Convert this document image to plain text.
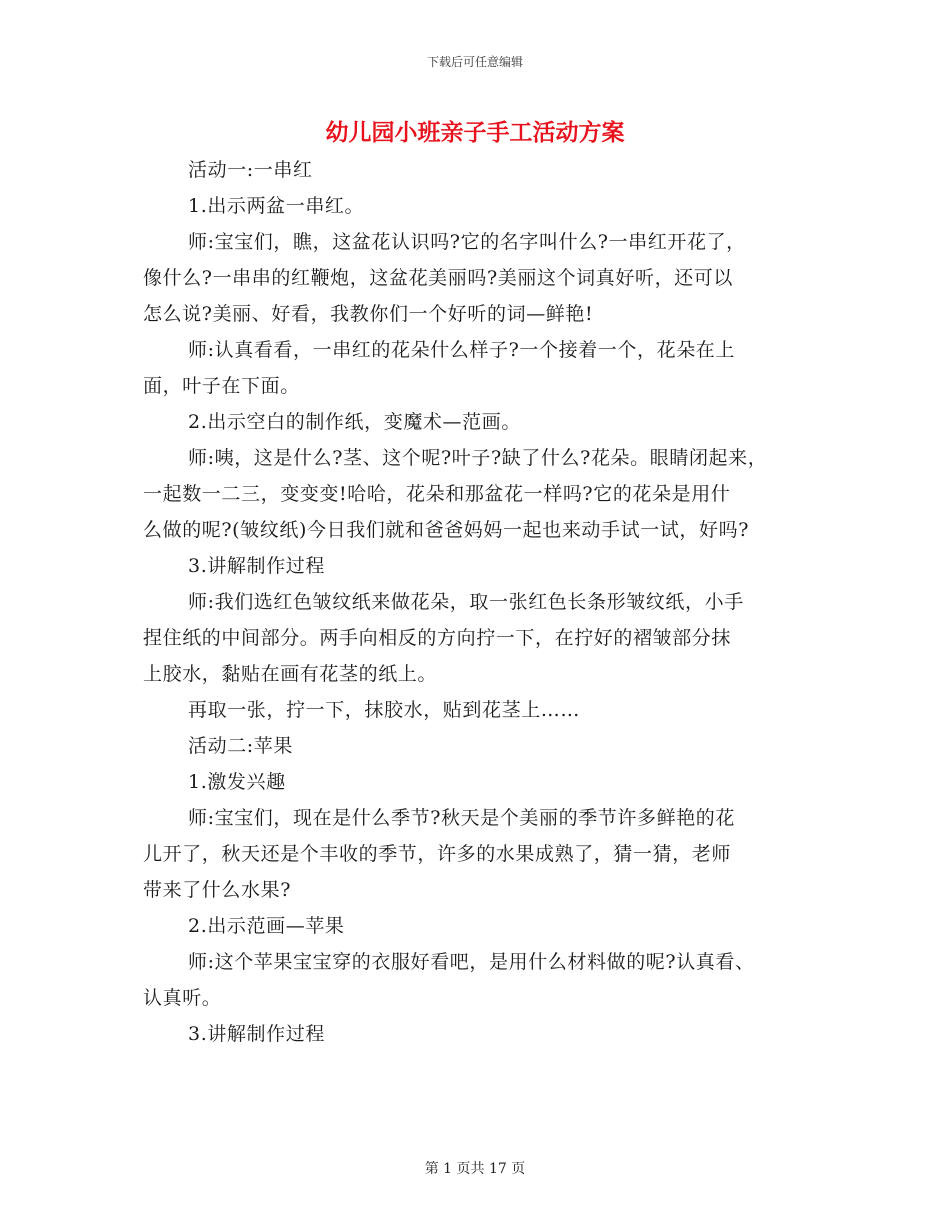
下载后可任意编辑
幼儿园小班亲子手工活动方案

活动一:一串红

1.出示两盆一串红。

师:宝宝们，瞧，这盆花认识吗?它的名字叫什么?一串红开花了，

像什么?一串串的红鞭炮，这盆花美丽吗?美丽这个词真好听，还可以

怎么说?美丽、好看，我教你们一个好听的词—鲜艳!

师:认真看看，一串红的花朵什么样子?一个接着一个，花朵在上

面，叶子在下面。

2.出示空白的制作纸，变魔术—范画。

师:咦，这是什么?茎、这个呢?叶子?缺了什么?花朵。眼睛闭起来，

一起数一二三，变变变!哈哈，花朵和那盆花一样吗?它的花朵是用什

么做的呢?(皱纹纸)今日我们就和爸爸妈妈一起也来动手试一试，好吗?

3.讲解制作过程

师:我们选红色皱纹纸来做花朵，取一张红色长条形皱纹纸，小手

捏住纸的中间部分。两手向相反的方向拧一下，在拧好的褶皱部分抹

上胶水，黏贴在画有花茎的纸上。

再取一张，拧一下，抹胶水，贴到花茎上……

活动二:苹果

1.激发兴趣

师:宝宝们，现在是什么季节?秋天是个美丽的季节许多鲜艳的花

儿开了，秋天还是个丰收的季节，许多的水果成熟了，猜一猜，老师

带来了什么水果?

2.出示范画—苹果

师:这个苹果宝宝穿的衣服好看吧，是用什么材料做的呢?认真看、

认真听。

3.讲解制作过程

第 1 页共 17 页
